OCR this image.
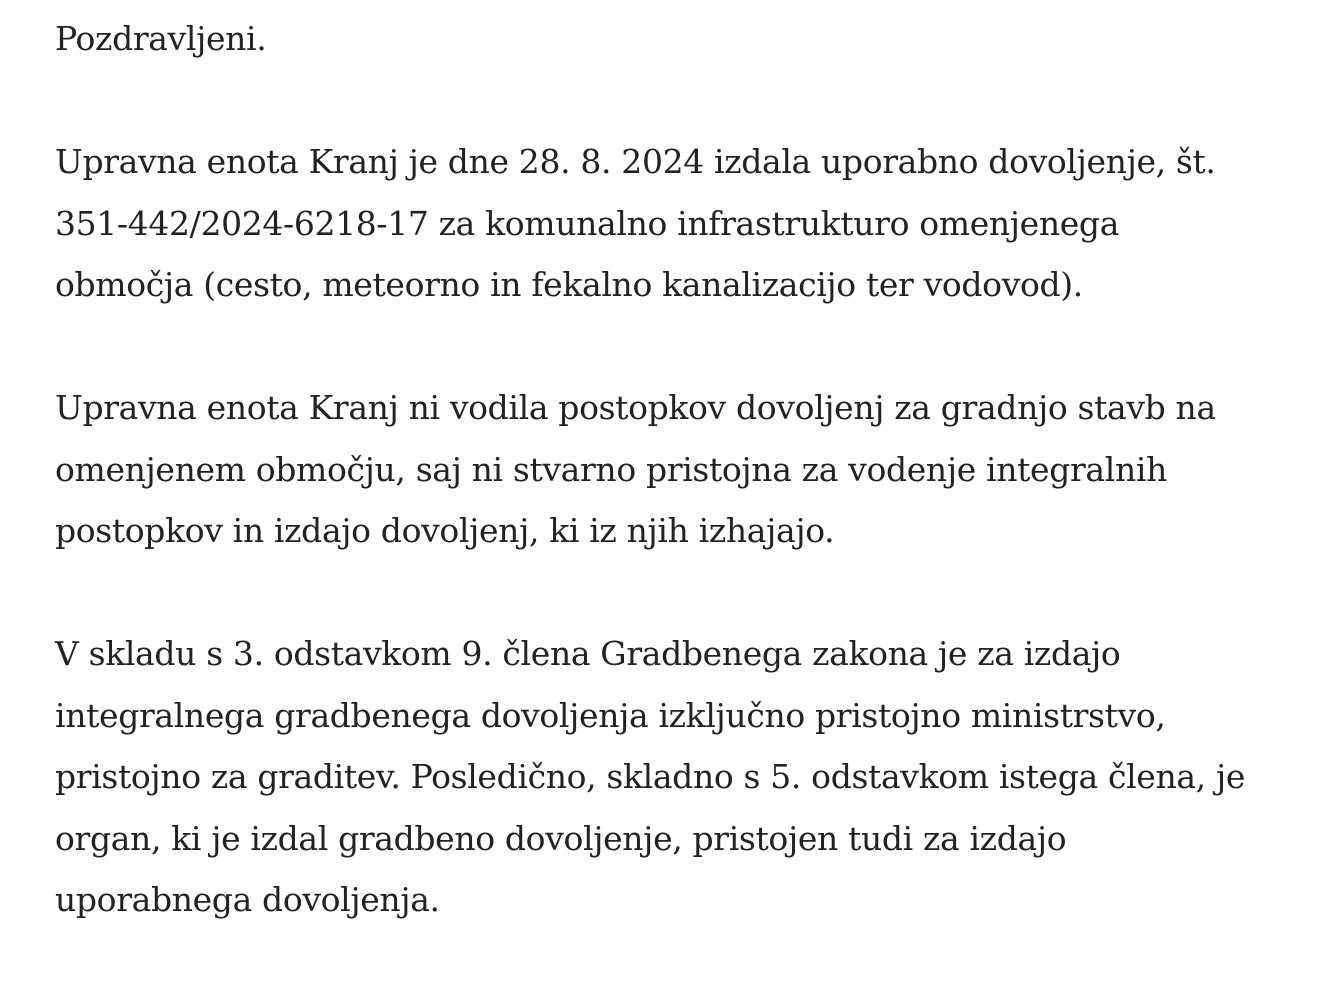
Pozdravljeni.

Upravna enota Kranj je dne 28. 8. 2024 izdala uporabno dovoljenje, št.
351-442/2024-6218-17 za komunalno infrastrukturo omenjenega
območja (cesto, meteorno in fekalno kanalizacijo ter vodovod).

Upravna enota Kranj ni vodila postopkov dovoljenj za gradnjo stavb na
omenjenem območju, saj ni stvarno pristojna za vodenje integralnih
postopkov in izdajo dovoljenj, ki iz njih izhajajo.

V skladu s 3. odstavkom 9. člena Gradbenega zakona je za izdajo
integralnega gradbenega dovoljenja izključno pristojno ministrstvo,
pristojno za graditev. Posledično, skladno s 5. odstavkom istega člena, je
organ, ki je izdal gradbeno dovoljenje, pristojen tudi za izdajo
uporabnega dovoljenja.
